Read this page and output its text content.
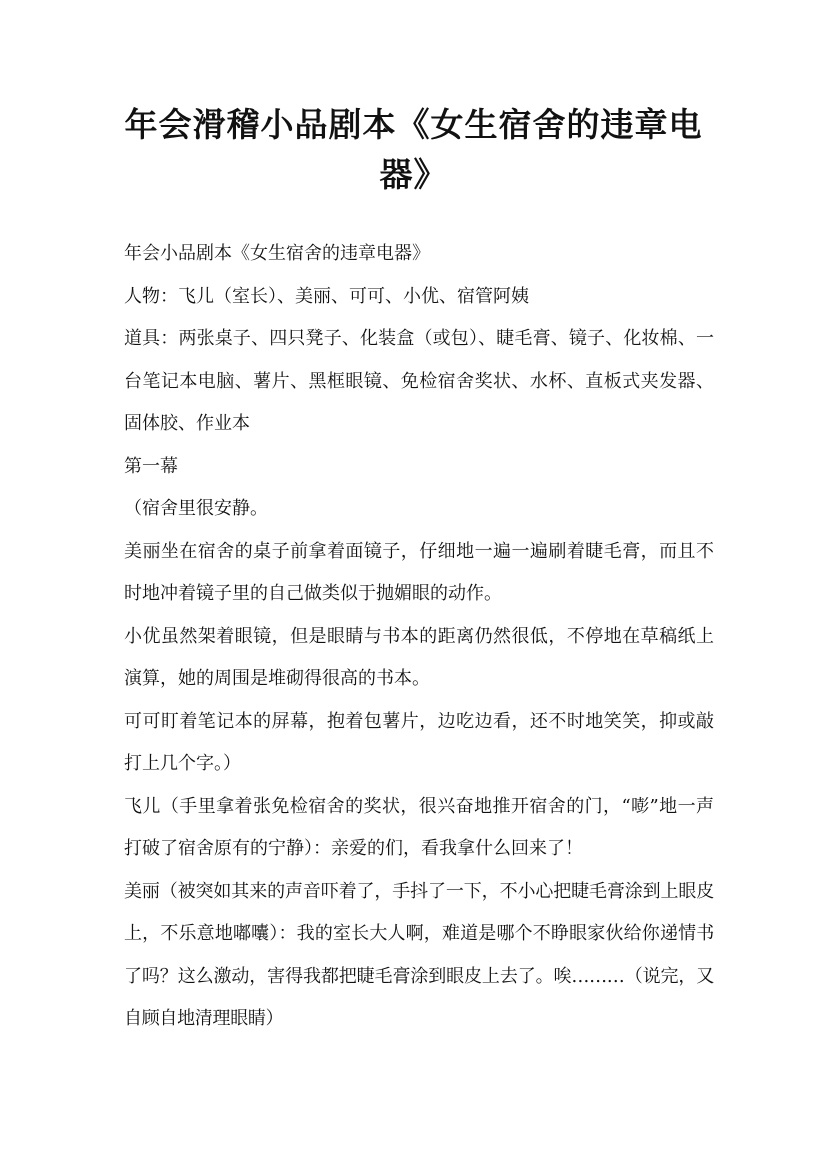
年会滑稽小品剧本《女生宿舍的违章电器》

年会小品剧本《女生宿舍的违章电器》

人物：飞儿（室长）、美丽、可可、小优、宿管阿姨

道具：两张桌子、四只凳子、化装盒（或包）、睫毛膏、镜子、化妆棉、一台笔记本电脑、薯片、黑框眼镜、免检宿舍奖状、水杯、直板式夹发器、固体胶、作业本

第一幕

（宿舍里很安静。

美丽坐在宿舍的桌子前拿着面镜子，仔细地一遍一遍刷着睫毛膏，而且不时地冲着镜子里的自己做类似于抛媚眼的动作。

小优虽然架着眼镜，但是眼睛与书本的距离仍然很低，不停地在草稿纸上演算，她的周围是堆砌得很高的书本。

可可盯着笔记本的屏幕，抱着包薯片，边吃边看，还不时地笑笑，抑或敲打上几个字。）

飞儿（手里拿着张免检宿舍的奖状，很兴奋地推开宿舍的门，“嘭”地一声打破了宿舍原有的宁静）：亲爱的们，看我拿什么回来了！

美丽（被突如其来的声音吓着了，手抖了一下，不小心把睫毛膏涂到上眼皮上，不乐意地嘟囔）：我的室长大人啊，难道是哪个不睁眼家伙给你递情书了吗？这么激动，害得我都把睫毛膏涂到眼皮上去了。唉………（说完，又自顾自地清理眼睛）
